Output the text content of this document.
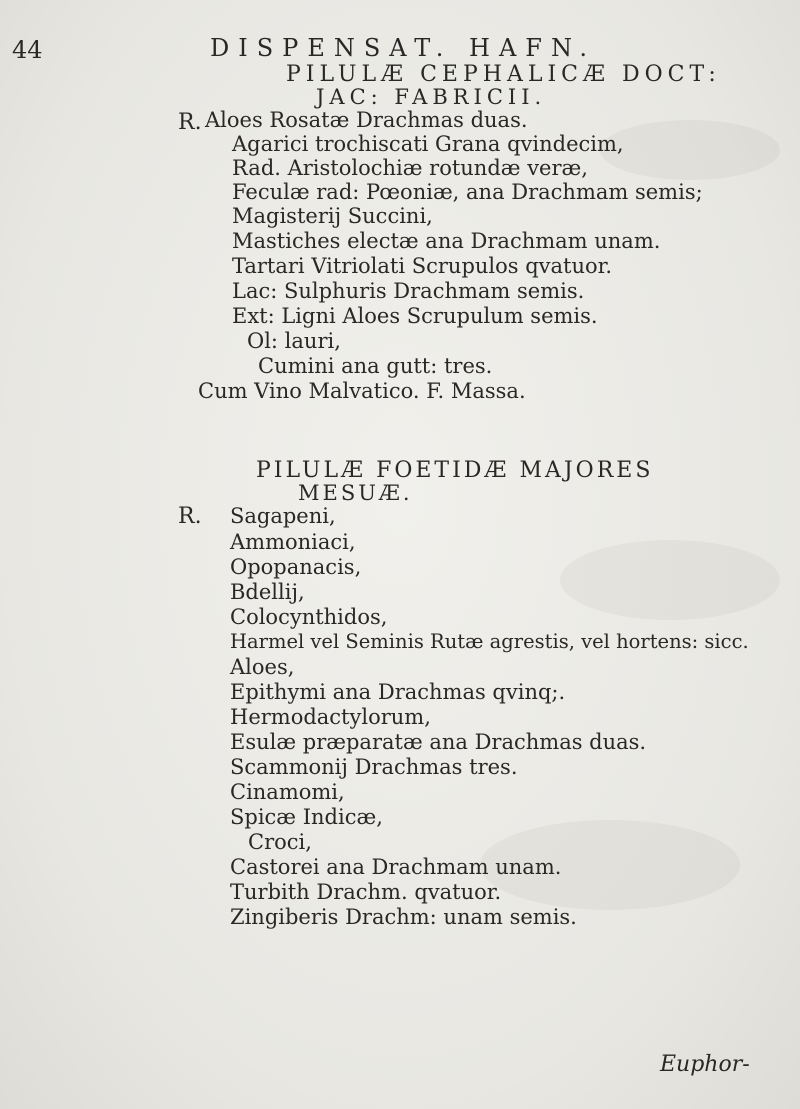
44	DISPENSAT. HAFN.
PILULÆ CEPHALICÆ DOCT:
JAC: FABRICII.
R. Aloes Rosatæ Drachmas duas.
Agarici trochiscati Grana qvindecim,
Rad. Aristolochiæ rotundæ veræ,
Feculæ rad: Pœoniæ, ana Drachmam semis;
Magisterij Succini,
Mastiches electæ ana Drachmam unam.
Tartari Vitriolati Scrupulos qvatuor.
Lac: Sulphuris Drachmam semis.
Ext: Ligni Aloes Scrupulum semis.
Ol: lauri,
Cumini ana gutt: tres.
Cum Vino Malvatico. F. Massa.
PILULÆ FOETIDÆ MAJORES
MESUÆ.
R. Sagapeni,
Ammoniaci,
Opopanacis,
Bdellij,
Colocynthidos,
Harmel vel Seminis Rutæ agrestis, vel hortens: sicc.
Aloes,
Epithymi ana Drachmas qvinq;.
Hermodactylorum,
Esulæ præparatæ ana Drachmas duas.
Scammonij Drachmas tres.
Cinamomi,
Spicæ Indicæ,
Croci,
Castorei ana Drachmam unam.
Turbith Drachm. qvatuor.
Zingiberis Drachm: unam semis.
Euphor-
